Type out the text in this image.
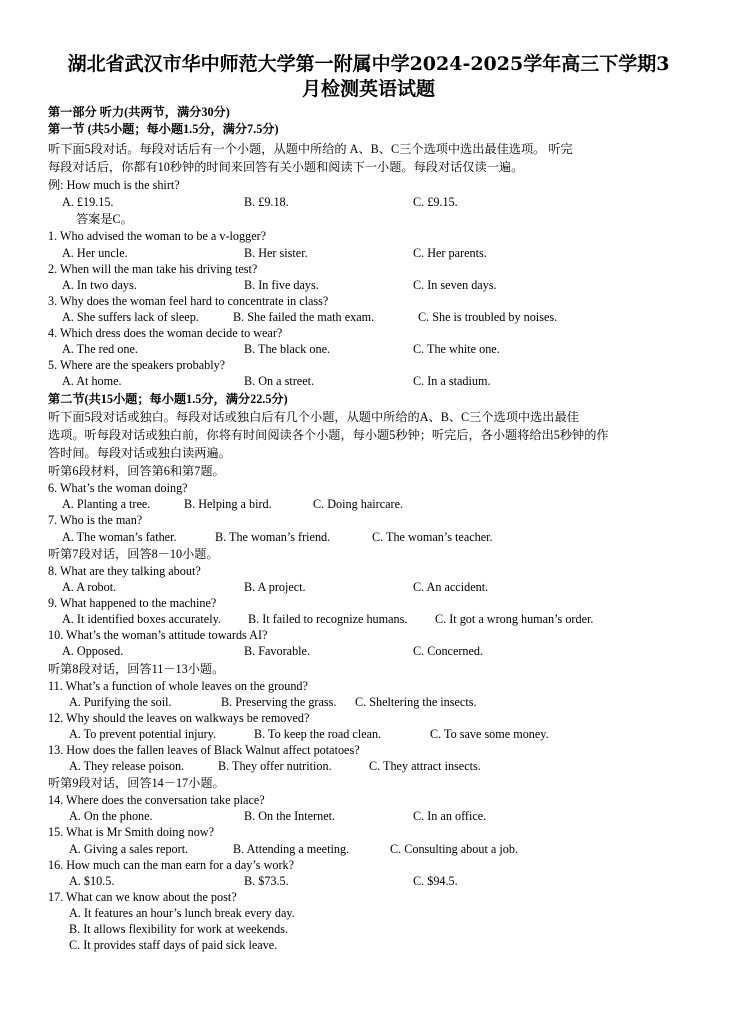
湖北省武汉市华中师范大学第一附属中学2024-2025学年高三下学期3
月检测英语试题
第一部分 听力(共两节，满分30分)
第一节 (共5小题；每小题1.5分，满分7.5分)
听下面5段对话。每段对话后有一个小题，从题中所给的 A、B、C三个选项中选出最佳选项。 听完
每段对话后，你都有10秒钟的时间来回答有关小题和阅读下一小题。每段对话仅读一遍。
例: How much is the shirt?
A. £19.15.	B. £9.18.	C. £9.15.
答案是C。
1. Who advised the woman to be a v-logger?
A. Her uncle.	B. Her sister.	C. Her parents.
2. When will the man take his driving test?
A. In two days.	B. In five days.	C. In seven days.
3. Why does the woman feel hard to concentrate in class?
A. She suffers lack of sleep.	B. She failed the math exam.	C. She is troubled by noises.
4. Which dress does the woman decide to wear?
A. The red one.	B. The black one.	C. The white one.
5. Where are the speakers probably?
A. At home.	B. On a street.	C. In a stadium.
第二节(共15小题；每小题1.5分，满分22.5分)
听下面5段对话或独白。每段对话或独白后有几个小题，从题中所给的A、B、C三个选项中选出最佳
选项。听每段对话或独白前，你将有时间阅读各个小题，每小题5秒钟；听完后，各小题将给出5秒钟的作
答时间。每段对话或独白读两遍。
听第6段材料，回答第6和第7题。
6. What’s the woman doing?
A. Planting a tree.	B. Helping a bird.	C. Doing haircare.
7. Who is the man?
A. The woman’s father.	B. The woman’s friend.	C. The woman’s teacher.
听第7段对话，回答8－10小题。
8. What are they talking about?
A. A robot.	B. A project.	C. An accident.
9. What happened to the machine?
A. It identified boxes accurately. B. It failed to recognize humans. C. It got a wrong human’s order.
10. What’s the woman’s attitude towards AI?
A. Opposed.	B. Favorable.	C. Concerned.
听第8段对话，回答11－13小题。
11. What’s a function of whole leaves on the ground?
A. Purifying the soil.	B. Preserving the grass. C. Sheltering the insects.
12. Why should the leaves on walkways be removed?
A. To prevent potential injury.	B. To keep the road clean.	C. To save some money.
13. How does the fallen leaves of Black Walnut affect potatoes?
A. They release poison.	B. They offer nutrition.	C. They attract insects.
听第9段对话，回答14－17小题。
14. Where does the conversation take place?
A. On the phone.	B. On the Internet.	C. In an office.
15. What is Mr Smith doing now?
A. Giving a sales report.	B. Attending a meeting.	C. Consulting about a job.
16. How much can the man earn for a day’s work?
A. $10.5.	B. $73.5.	C. $94.5.
17. What can we know about the post?
A. It features an hour’s lunch break every day.
B. It allows flexibility for work at weekends.
C. It provides staff days of paid sick leave.
